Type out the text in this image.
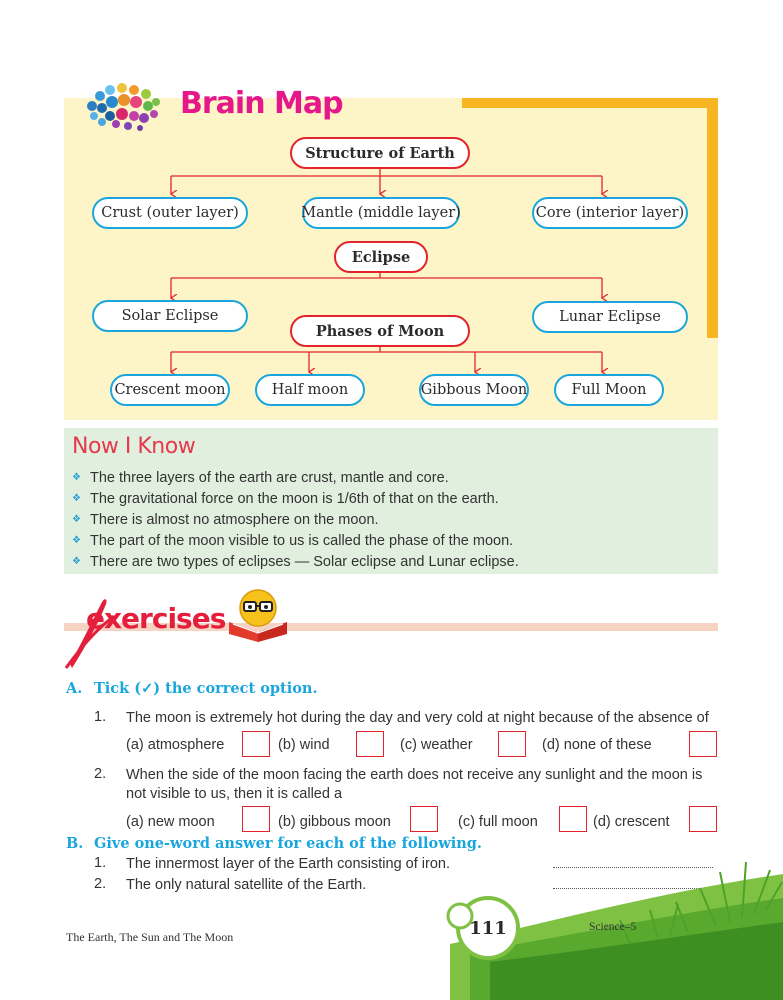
Brain Map
Structure of Earth
Crust (outer layer)	Mantle (middle layer)	Core (interior layer)
Eclipse
Solar Eclipse	Lunar Eclipse
Phases of Moon
Crescent moon	Half moon	Gibbous Moon	Full Moon
Now I Know
❖ The three layers of the earth are crust, mantle and core.
❖ The gravitational force on the moon is 1/6th of that on the earth.
❖ There is almost no atmosphere on the moon.
❖ The part of the moon visible to us is called the phase of the moon.
❖ There are two types of eclipses — Solar eclipse and Lunar eclipse.
exercises
A. Tick (✓) the correct option.
1. The moon is extremely hot during the day and very cold at night because of the absence of
(a) atmosphere	(b) wind	(c) weather	(d) none of these
2. When the side of the moon facing the earth does not receive any sunlight and the moon is not visible to us, then it is called a
(a) new moon	(b) gibbous moon	(c) full moon	(d) crescent
B. Give one-word answer for each of the following.
1. The innermost layer of the Earth consisting of iron.
2. The only natural satellite of the Earth.
111
The Earth, The Sun and The Moon
Science–5
